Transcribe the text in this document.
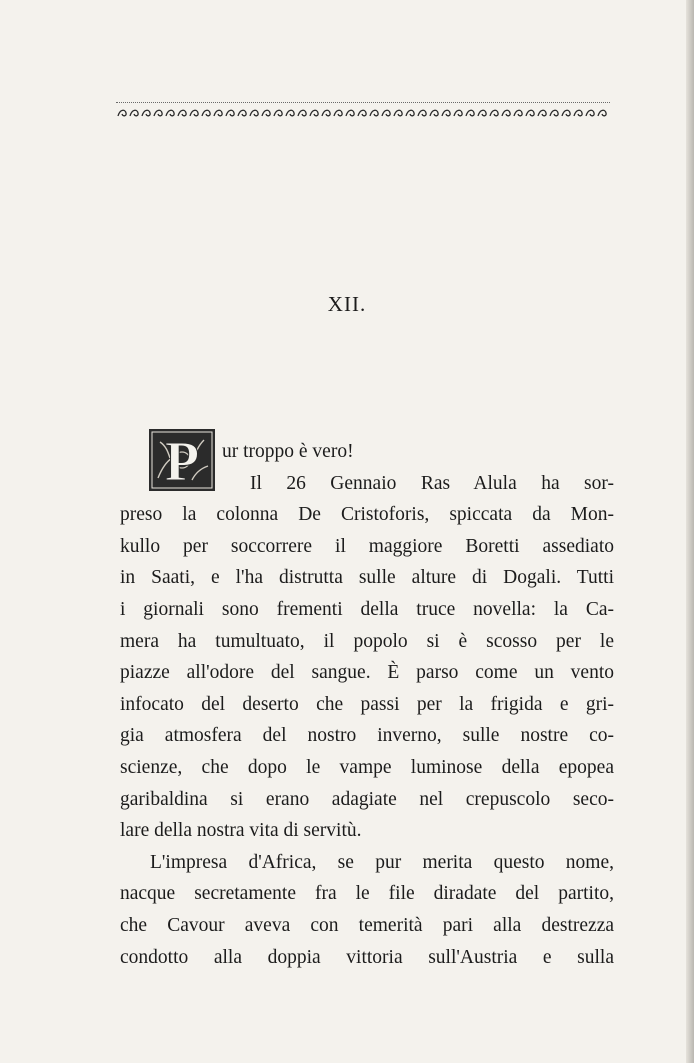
XII.
P	ur troppo è vero!
Il 26 Gennaio Ras Alula ha sor-
preso la colonna De Cristoforis, spiccata da Mon-
kullo per soccorrere il maggiore Boretti assediato
in Saati, e l'ha distrutta sulle alture di Dogali. Tutti
i giornali sono frementi della truce novella: la Ca-
mera ha tumultuato, il popolo si è scosso per le
piazze all'odore del sangue. È parso come un vento
infocato del deserto che passi per la frigida e gri-
gia atmosfera del nostro inverno, sulle nostre co-
scienze, che dopo le vampe luminose della epopea
garibaldina si erano adagiate nel crepuscolo seco-
lare della nostra vita di servitù.
L'impresa d'Africa, se pur merita questo nome,
nacque secretamente fra le file diradate del partito,
che Cavour aveva con temerità pari alla destrezza
condotto alla doppia vittoria sull'Austria e sulla
